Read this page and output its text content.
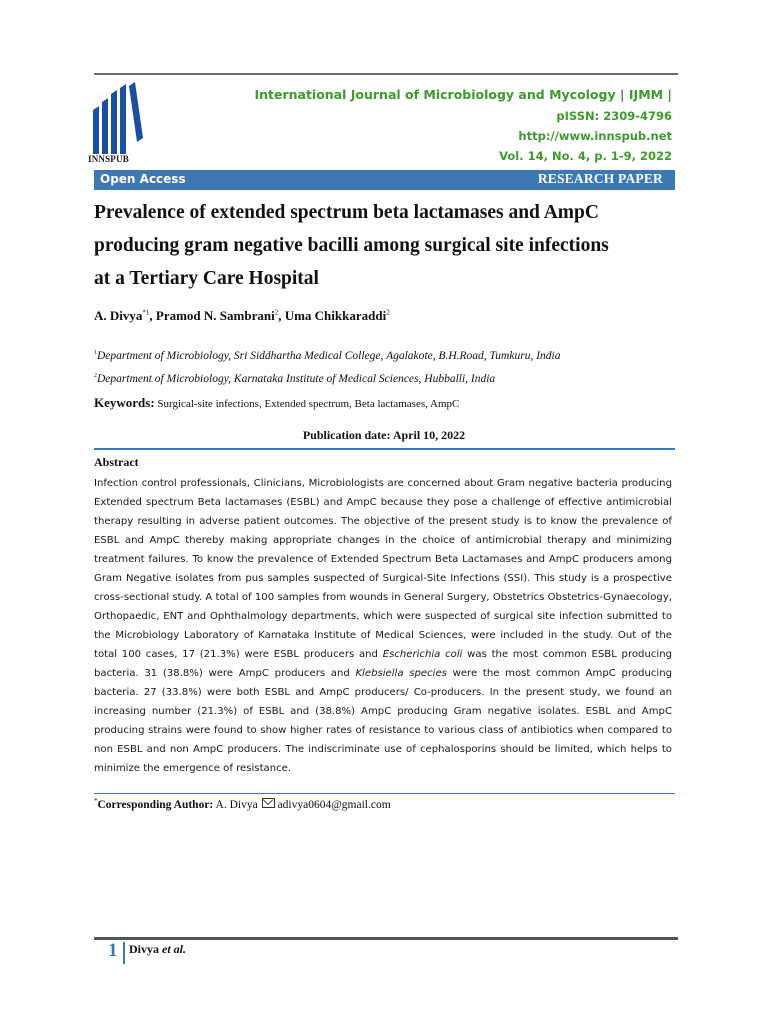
INNSPUB
International Journal of Microbiology and Mycology | IJMM |
pISSN: 2309-4796
http://www.innspub.net
Vol. 14, No. 4, p. 1-9, 2022
Open Access	RESEARCH PAPER
Prevalence of extended spectrum beta lactamases and AmpC
producing gram negative bacilli among surgical site infections
at a Tertiary Care Hospital
A. Divya$^{*1}$, Pramod N. Sambrani$^2$, Uma Chikkaraddi$^2$
$^1$Department of Microbiology, Sri Siddhartha Medical College, Agalakote, B.H.Road, Tumkuru, India
$^2$Department of Microbiology, Karnataka Institute of Medical Sciences, Hubballi, India
Keywords: Surgical-site infections, Extended spectrum, Beta lactamases, AmpC
Publication date: April 10, 2022
Abstract
Infection control professionals, Clinicians, Microbiologists are concerned about Gram negative bacteria producing Extended spectrum Beta lactamases (ESBL) and AmpC because they pose a challenge of effective antimicrobial therapy resulting in adverse patient outcomes. The objective of the present study is to know the prevalence of ESBL and AmpC thereby making appropriate changes in the choice of antimicrobial therapy and minimizing treatment failures. To know the prevalence of Extended Spectrum Beta Lactamases and AmpC producers among Gram Negative isolates from pus samples suspected of Surgical-Site Infections (SSI). This study is a prospective cross-sectional study. A total of 100 samples from wounds in General Surgery, Obstetrics Obstetrics-Gynaecology, Orthopaedic, ENT and Ophthalmology departments, which were suspected of surgical site infection submitted to the Microbiology Laboratory of Karnataka Institute of Medical Sciences, were included in the study. Out of the total 100 cases, 17 (21.3%) were ESBL producers and Escherichia coli was the most common ESBL producing bacteria. 31 (38.8%) were AmpC producers and Klebsiella species were the most common AmpC producing bacteria. 27 (33.8%) were both ESBL and AmpC producers/ Co-producers. In the present study, we found an increasing number (21.3%) of ESBL and (38.8%) AmpC producing Gram negative isolates. ESBL and AmpC producing strains were found to show higher rates of resistance to various class of antibiotics when compared to non ESBL and non AmpC producers. The indiscriminate use of cephalosporins should be limited, which helps to minimize the emergence of resistance.
*Corresponding Author: A. Divya adivya0604@gmail.com
1 Divya et al.
